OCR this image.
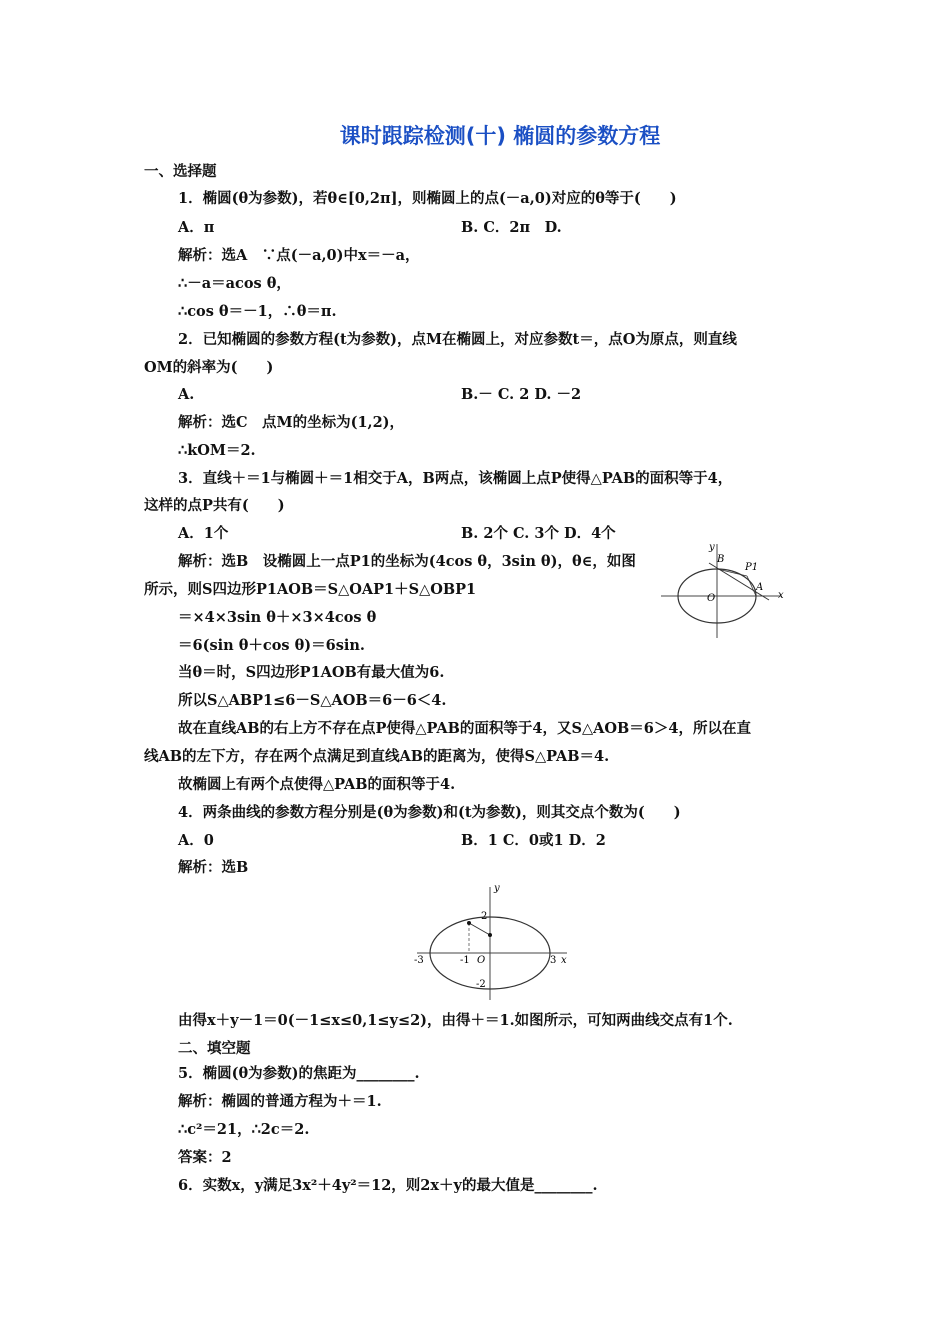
课时跟踪检测(十) 椭圆的参数方程
一、选择题
1．椭圆(θ为参数)，若θ∈[0,2π]，则椭圆上的点(－a,0)对应的θ等于(　　)
A．π	B. C．2π　D.
解析：选A　∵点(－a,0)中x＝－a，
∴－a＝acos θ，
∴cos θ＝－1，∴θ＝π.
2．已知椭圆的参数方程(t为参数)，点M在椭圆上，对应参数t＝，点O为原点，则直线
OM的斜率为(　　)
A.	B.－ C. 2 D. －2
解析：选C　点M的坐标为(1,2)，
∴kOM＝2.
3．直线＋＝1与椭圆＋＝1相交于A，B两点，该椭圆上点P使得△PAB的面积等于4，
这样的点P共有(　　)
A．1个	B. 2个 C. 3个 D．4个
解析：选B　设椭圆上一点P1的坐标为(4cos θ，3sin θ)，θ∈，如图
所示，则S四边形P1AOB＝S△OAP1＋S△OBP1
＝×4×3sin θ＋×3×4cos θ
＝6(sin θ＋cos θ)＝6sin.
当θ＝时，S四边形P1AOB有最大值为6.
所以S△ABP1≤6－S△AOB＝6－6＜4.
故在直线AB的右上方不存在点P使得△PAB的面积等于4，又S△AOB＝6＞4，所以在直
线AB的左下方，存在两个点满足到直线AB的距离为，使得S△PAB＝4.
故椭圆上有两个点使得△PAB的面积等于4.
y
B
P1
A
O	x
4．两条曲线的参数方程分别是(θ为参数)和(t为参数)，则其交点个数为(　　)
A．0	B．1 C．0或1 D．2
解析：选B
y
2
-3	-1 O	3 x
-2
由得x＋y－1＝0(－1≤x≤0,1≤y≤2)，由得＋＝1.如图所示，可知两曲线交点有1个.
二、填空题
5．椭圆(θ为参数)的焦距为________.
解析：椭圆的普通方程为＋＝1.
∴c²＝21，∴2c＝2.
答案：2
6．实数x，y满足3x²＋4y²＝12，则2x＋y的最大值是________.
